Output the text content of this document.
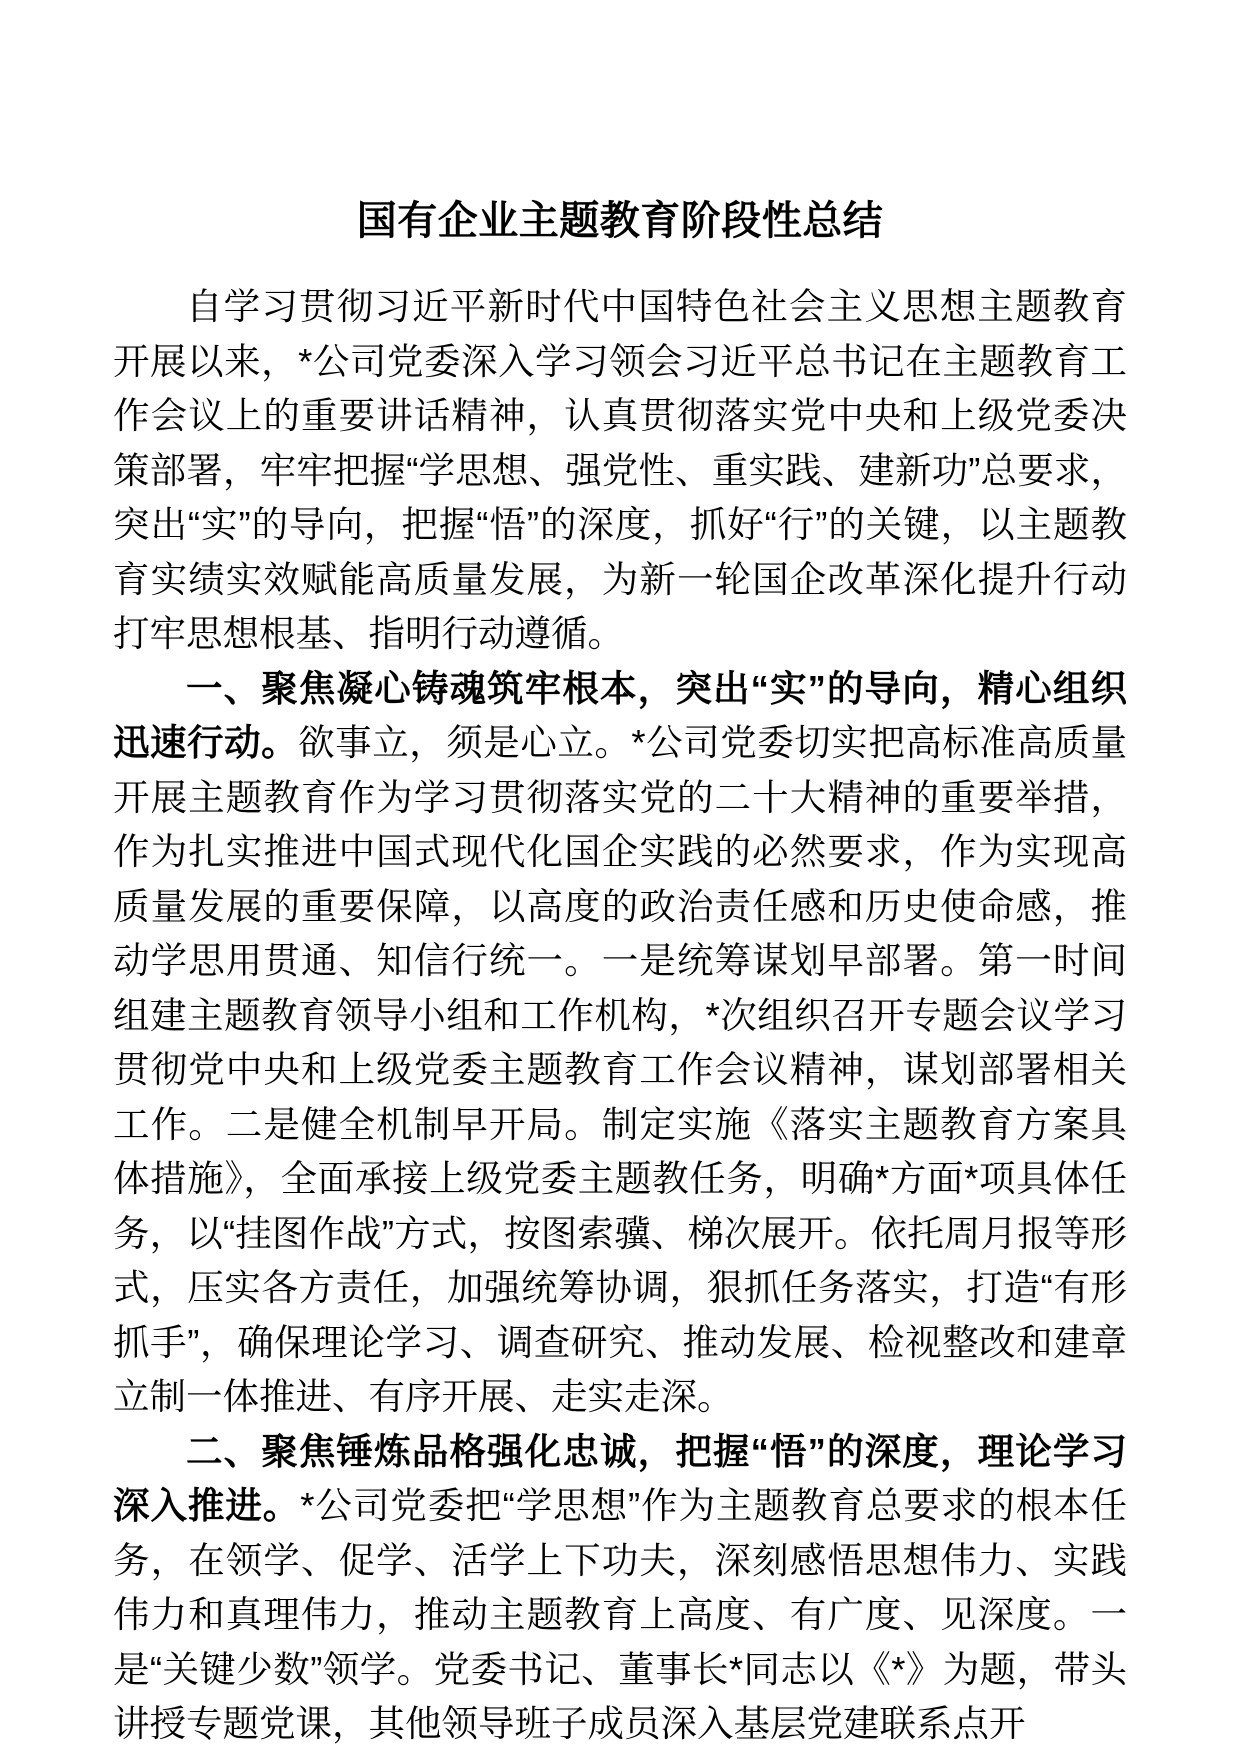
国有企业主题教育阶段性总结

自学习贯彻习近平新时代中国特色社会主义思想主题教育开展以来，*公司党委深入学习领会习近平总书记在主题教育工作会议上的重要讲话精神，认真贯彻落实党中央和上级党委决策部署，牢牢把握“学思想、强党性、重实践、建新功”总要求，突出“实”的导向，把握“悟”的深度，抓好“行”的关键，以主题教育实绩实效赋能高质量发展，为新一轮国企改革深化提升行动打牢思想根基、指明行动遵循。

一、聚焦凝心铸魂筑牢根本，突出“实”的导向，精心组织迅速行动。欲事立，须是心立。*公司党委切实把高标准高质量开展主题教育作为学习贯彻落实党的二十大精神的重要举措，作为扎实推进中国式现代化国企实践的必然要求，作为实现高质量发展的重要保障，以高度的政治责任感和历史使命感，推动学思用贯通、知信行统一。一是统筹谋划早部署。第一时间组建主题教育领导小组和工作机构，*次组织召开专题会议学习贯彻党中央和上级党委主题教育工作会议精神，谋划部署相关工作。二是健全机制早开局。制定实施《落实主题教育方案具体措施》，全面承接上级党委主题教任务，明确*方面*项具体任务，以“挂图作战”方式，按图索骥、梯次展开。依托周月报等形式，压实各方责任，加强统筹协调，狠抓任务落实，打造“有形抓手”，确保理论学习、调查研究、推动发展、检视整改和建章立制一体推进、有序开展、走实走深。

二、聚焦锤炼品格强化忠诚，把握“悟”的深度，理论学习深入推进。*公司党委把“学思想”作为主题教育总要求的根本任务，在领学、促学、活学上下功夫，深刻感悟思想伟力、实践伟力和真理伟力，推动主题教育上高度、有广度、见深度。一是“关键少数”领学。党委书记、董事长*同志以《*》为题，带头讲授专题党课，其他领导班子成员深入基层党建联系点开
